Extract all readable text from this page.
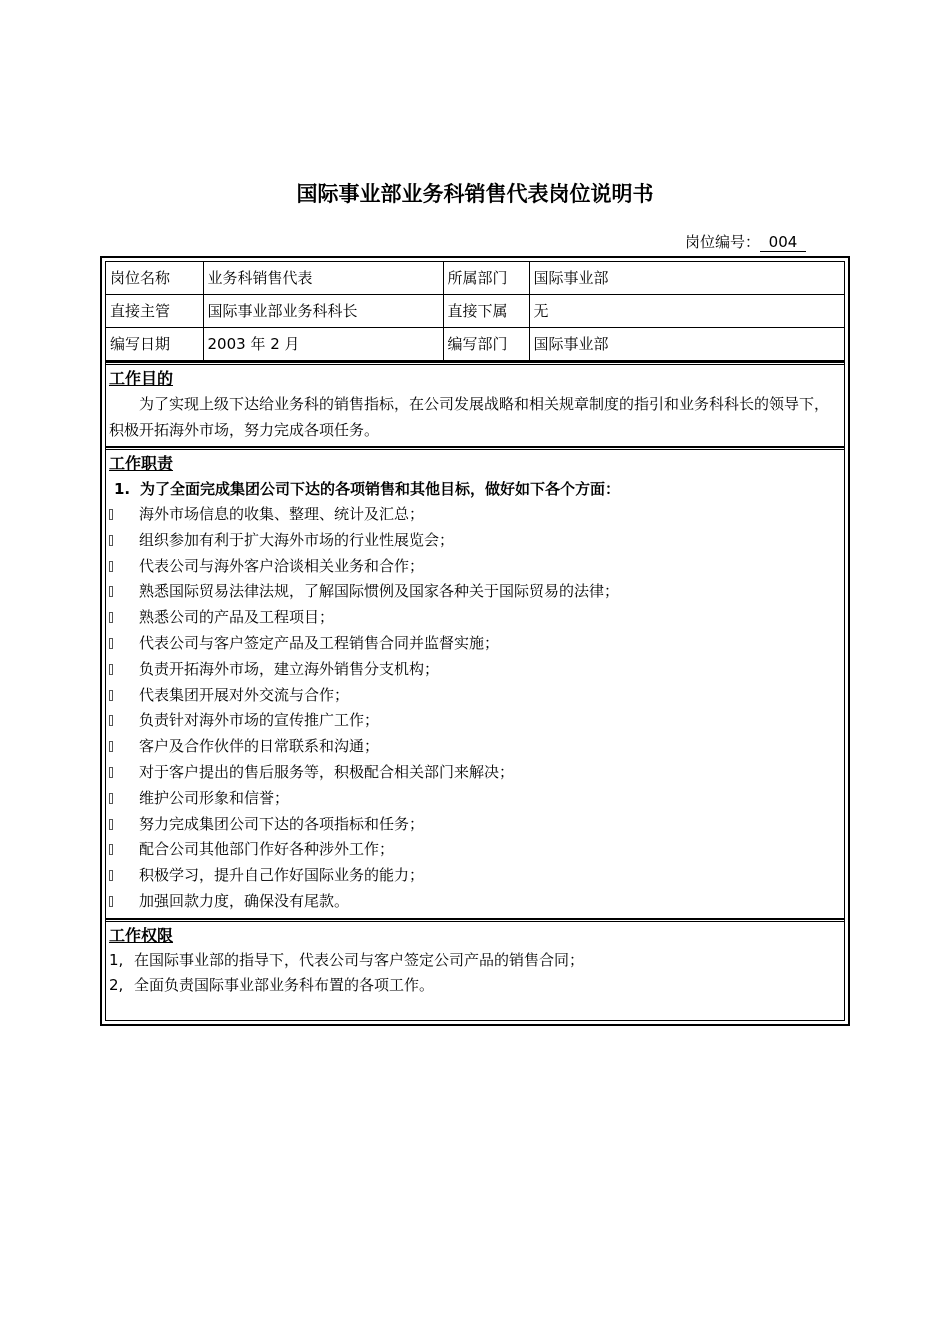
国际事业部业务科销售代表岗位说明书
岗位编号： 004
岗位名称	业务科销售代表	所属部门	国际事业部
直接主管	国际事业部业务科科长	直接下属	无
编写日期	2003 年 2 月	编写部门	国际事业部
工作目的
为了实现上级下达给业务科的销售指标，在公司发展战略和相关规章制度的指引和业务科科长的领导下，积极开拓海外市场，努力完成各项任务。
工作职责
1. 为了全面完成集团公司下达的各项销售和其他目标，做好如下各个方面：
海外市场信息的收集、整理、统计及汇总；
组织参加有利于扩大海外市场的行业性展览会；
代表公司与海外客户洽谈相关业务和合作；
熟悉国际贸易法律法规，了解国际惯例及国家各种关于国际贸易的法律；
熟悉公司的产品及工程项目；
代表公司与客户签定产品及工程销售合同并监督实施；
负责开拓海外市场，建立海外销售分支机构；
代表集团开展对外交流与合作；
负责针对海外市场的宣传推广工作；
客户及合作伙伴的日常联系和沟通；
对于客户提出的售后服务等，积极配合相关部门来解决；
维护公司形象和信誉；
努力完成集团公司下达的各项指标和任务；
配合公司其他部门作好各种涉外工作；
积极学习，提升自己作好国际业务的能力；
加强回款力度，确保没有尾款。
工作权限
1, 在国际事业部的指导下，代表公司与客户签定公司产品的销售合同；
2, 全面负责国际事业部业务科布置的各项工作。
